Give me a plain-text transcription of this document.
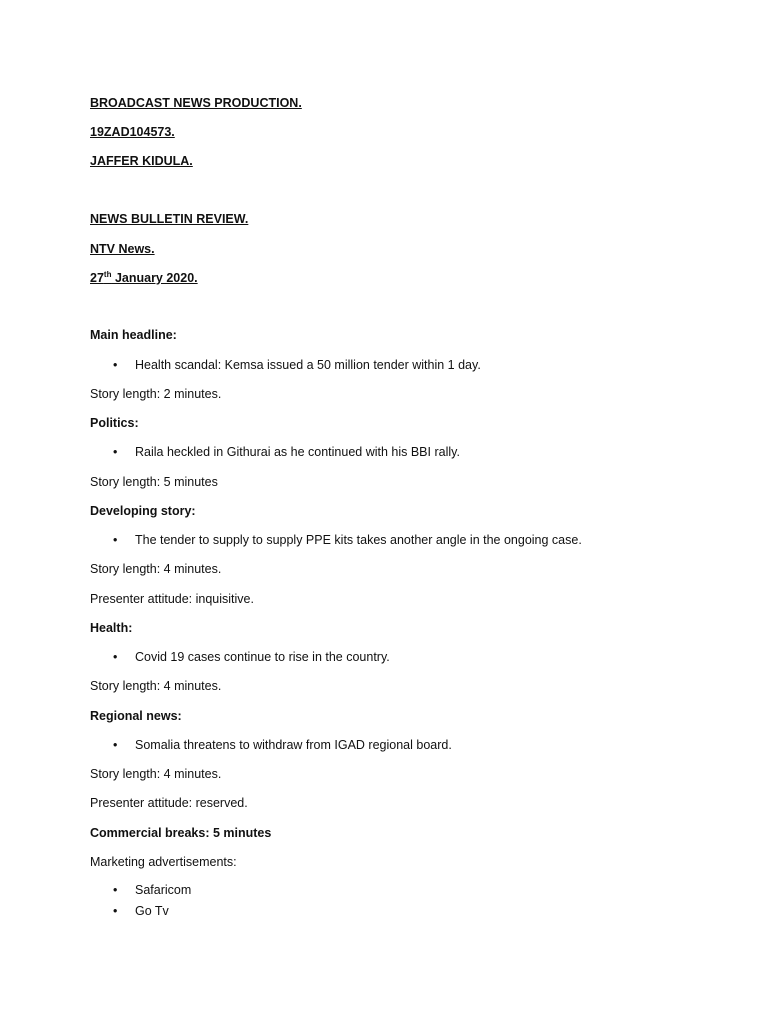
BROADCAST NEWS PRODUCTION.
19ZAD104573.
JAFFER KIDULA.
NEWS BULLETIN REVIEW.
NTV News.
27th January 2020.
Main headline:
• Health scandal: Kemsa issued a 50 million tender within 1 day.
Story length: 2 minutes.
Politics:
• Raila heckled in Githurai as he continued with his BBI rally.
Story length: 5 minutes
Developing story:
• The tender to supply to supply PPE kits takes another angle in the ongoing case.
Story length: 4 minutes.
Presenter attitude: inquisitive.
Health:
• Covid 19 cases continue to rise in the country.
Story length: 4 minutes.
Regional news:
• Somalia threatens to withdraw from IGAD regional board.
Story length: 4 minutes.
Presenter attitude: reserved.
Commercial breaks: 5 minutes
Marketing advertisements:
• Safaricom
• Go Tv
